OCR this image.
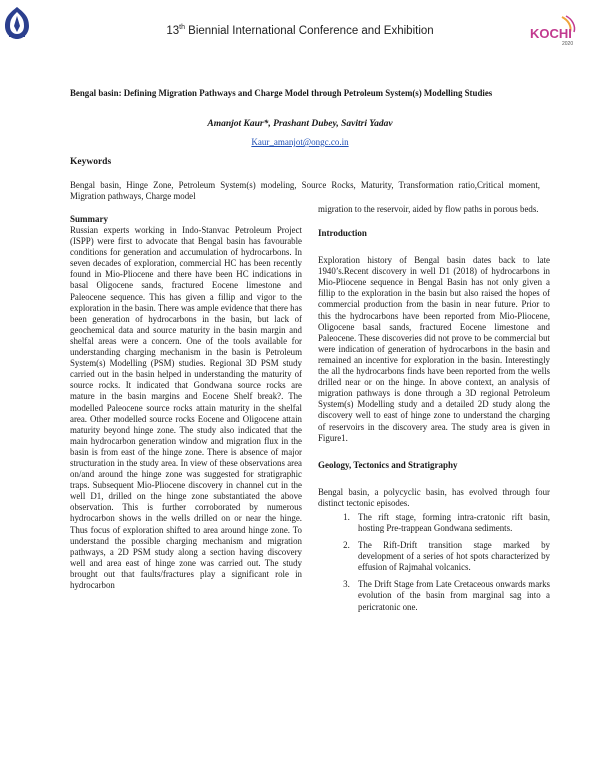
13th Biennial International Conference and Exhibition	KOCHI
2020
Bengal basin: Defining Migration Pathways and Charge Model through Petroleum System(s) Modelling Studies
Amanjot Kaur*, Prashant Dubey, Savitri Yadav
Kaur_amanjot@ongc.co.in
Keywords
Bengal basin, Hinge Zone, Petroleum System(s) modeling, Source Rocks, Maturity, Transformation ratio,Critical moment, Migration pathways, Charge model

Summary

Russian experts working in Indo-Stanvac Petroleum Project (ISPP) were first to advocate that Bengal basin has favourable conditions for generation and accumulation of hydrocarbons. In seven decades of exploration, commercial HC has been recently found in Mio-Pliocene and there have been HC indications in basal Oligocene sands, fractured Eocene limestone and Paleocene sequence. This has given a fillip and vigor to the exploration in the basin. There was ample evidence that there has been generation of hydrocarbons in the basin, but lack of geochemical data and source maturity in the basin margin and shelfal areas were a concern. One of the tools available for understanding charging mechanism in the basin is Petroleum System(s) Modelling (PSM) studies. Regional 3D PSM study carried out in the basin helped in understanding the maturity of source rocks. It indicated that Gondwana source rocks are mature in the basin margins and Eocene Shelf break?. The modelled Paleocene source rocks attain maturity in the shelfal area. Other modelled source rocks Eocene and Oligocene attain maturity beyond hinge zone. The study also indicated that the main hydrocarbon generation window and migration flux in the basin is from east of the hinge zone. There is absence of major structuration in the study area. In view of these observations area on/and around the hinge zone was suggested for stratigraphic traps. Subsequent Mio-Pliocene discovery in channel cut in the well D1, drilled on the hinge zone substantiated the above observation. This is further corroborated by numerous hydrocarbon shows in the wells drilled on or near the hinge. Thus focus of exploration shifted to area around hinge zone. To understand the possible charging mechanism and migration pathways, a 2D PSM study along a section having discovery well and area east of hinge zone was carried out. The study brought out that faults/fractures play a significant role in hydrocarbon

migration to the reservoir, aided by flow paths in porous beds.

Introduction

Exploration history of Bengal basin dates back to late 1940’s.Recent discovery in well D1 (2018) of hydrocarbons in Mio-Pliocene sequence in Bengal Basin has not only given a fillip to the exploration in the basin but also raised the hopes of commercial production from the basin in near future. Prior to this the hydrocarbons have been reported from Mio-Pliocene, Oligocene basal sands, fractured Eocene limestone and Paleocene. These discoveries did not prove to be commercial but were indication of generation of hydrocarbons in the basin and remained an incentive for exploration in the basin. Interestingly the all the hydrocarbons finds have been reported from the wells drilled near or on the hinge. In above context, an analysis of migration pathways is done through a 3D regional Petroleum System(s) Modelling study and a detailed 2D study along the discovery well to east of hinge zone to understand the charging of reservoirs in the discovery area. The study area is given in Figure1.

Geology, Tectonics and Stratigraphy

Bengal basin, a polycyclic basin, has evolved through four distinct tectonic episodes.

1. The rift stage, forming intra-cratonic rift basin, hosting Pre-trappean Gondwana sediments.
2. The Rift-Drift transition stage marked by development of a series of hot spots characterized by effusion of Rajmahal volcanics.
3. The Drift Stage from Late Cretaceous onwards marks evolution of the basin from marginal sag into a pericratonic one.
